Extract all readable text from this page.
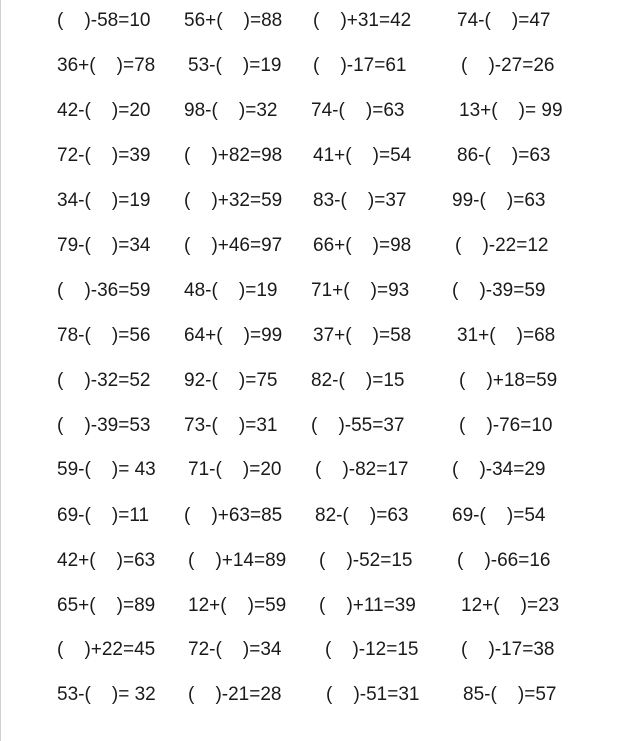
(    )-58=10 56+(    )=88 (    )+31=42 74-(    )=47
36+(    )=78 53-(    )=19 (    )-17=61	(    )-27=26
42-(    )=20 98-(    )=32 74-(    )=63	13+(    )= 99
72-(    )=39 (    )+82=98 41+(    )=54 86-(    )=63
34-(    )=19 (    )+32=59 83-(    )=37 99-(    )=63
79-(    )=34 (    )+46=97 66+(    )=98 (    )-22=12
(    )-36=59 48-(    )=19 71+(    )=93 (    )-39=59
78-(    )=56 64+(    )=99 37+(    )=58 31+(    )=68
(    )-32=52 92-(    )=75 82-(    )=15	(    )+18=59
(    )-39=53 73-(    )=31 (    )-55=37	(    )-76=10
59-(    )= 43 71-(    )=20 (    )-82=17 (    )-34=29
69-(    )=11 (    )+63=85 82-(    )=63 69-(    )=54
42+(    )=63 (    )+14=89 (    )-52=15 (    )-66=16
65+(    )=89 12+(    )=59 (    )+11=39 12+(    )=23
(    )+22=45 72-(    )=34 (    )-12=15 (    )-17=38
53-(    )= 32 (    )-21=28 (    )-51=31 85-(    )=57
